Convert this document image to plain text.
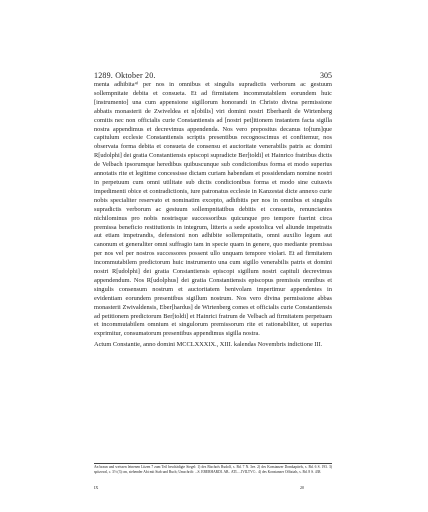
1289. Oktober 20.	305

menta adhibita⁴⁾ per nos in omnibus et singulis supradictis verborum ac gestuum sollempnitate debita et consueta. Et ad firmitatem incommutabilem eorundem huic [instrumento] una cum appensione sigillorum honorandi in Christo divina permissione abbatis monasterii de Zwiveldea et n[obilis] viri domini nostri Eberhardi de Wirtenberg comitis nec non officialis curie Constantiensis ad [nostri pet]itionem instantem facta sigilla nostra appendimus et decrevimus appendenda. Nos vero prepositus decanus to[tum]que capitulum ecclesie Constantiensis scriptis presentibus recognoscimus et confitemur, nos observata forma debita et consueta de consensu et auctoritate venerabilis patris ac domini R[udolphi] dei gratia Constantiensis episcopi supradicte Ber[toldi] et Hainrico fratribus dictis de Velbach ipsorumque heredibus quibuscunque sub condicionibus forma et modo superius annotatis rite et legitime concessisse dictam curiam habendam et possidendam nomine nostri in perpetuum cum omni utilitate sub dictis condicionibus forma et modo sine cuiusvis impedimenti obice et contradictionis, iure patronatus ecclesie in Kanzestat dicte annexo curie nobis specialiter reservato et nominatim excepto, adhibitis per nos in omnibus et singulis supradictis verborum ac gestuum sollempnitatibus debitis et consuetis, renunciantes nichilominus pro nobis nostrisque successoribus quicunque pro tempore fuerint circa premissa beneficio restitutionis in integrum, litteris a sede apostolica vel aliunde impetratis aut etiam impetrandis, defensioni non adhibite sollempnitatis, omni auxilio legum aut canonum et generaliter omni suffragio tam in specie quam in genere, quo mediante premissa per nos vel per nostros successores possent ullo unquam tempore violari. Et ad firmitatem incommutabilem predictorum huic instrumento una cum sigillo venerabilis patris et domini nostri R[udolphi] dei gratia Constantiensis episcopi sigillum nostri capituli decrevimus appendendum. Nos R[udolphus] dei gratia Constantiensis episcopus premissis omnibus et singulis consensum nostrum et auctoritatem benivolam impertimur appendentes in evidentiam eorundem presentibus sigillum nostrum. Nos vero divina permissione abbas monasterii Zwivaldensis, Eber[hardus] de Wirtenberg comes et officialis curie Constantiensis ad petitionem predictorum Ber[toldi] et Hainrici fratrum de Velbach ad firmitatem perpetuam et incommutabilem omnium et singulorum premissorum rite et rationabiliter, ut superius exprimitur, consumatorum presentibus appendimus sigilla nostra.

Actum Constantie, anno domini MCCLXXXIX., XIII. kalendas Novembris indictione III.

An braun und weissen leinenen Litzen 7 zum Teil beschädigte Siegel: 1) des Bischofs Rudolf, s. Bd. 7 N. 3ee. 2) des Konstanzer Domkapitels, s. Bd. 6 S. 193. 3) spitzoval, c. 3½ (3) cm, stehender Abt mit Stab und Buch; Umschrift: ...S. EBERHARDI. AB.. ATI.....IVILTV©.. 4) des Konstanzer Offizials, s. Bd. 8 S. 438.

IX	20
